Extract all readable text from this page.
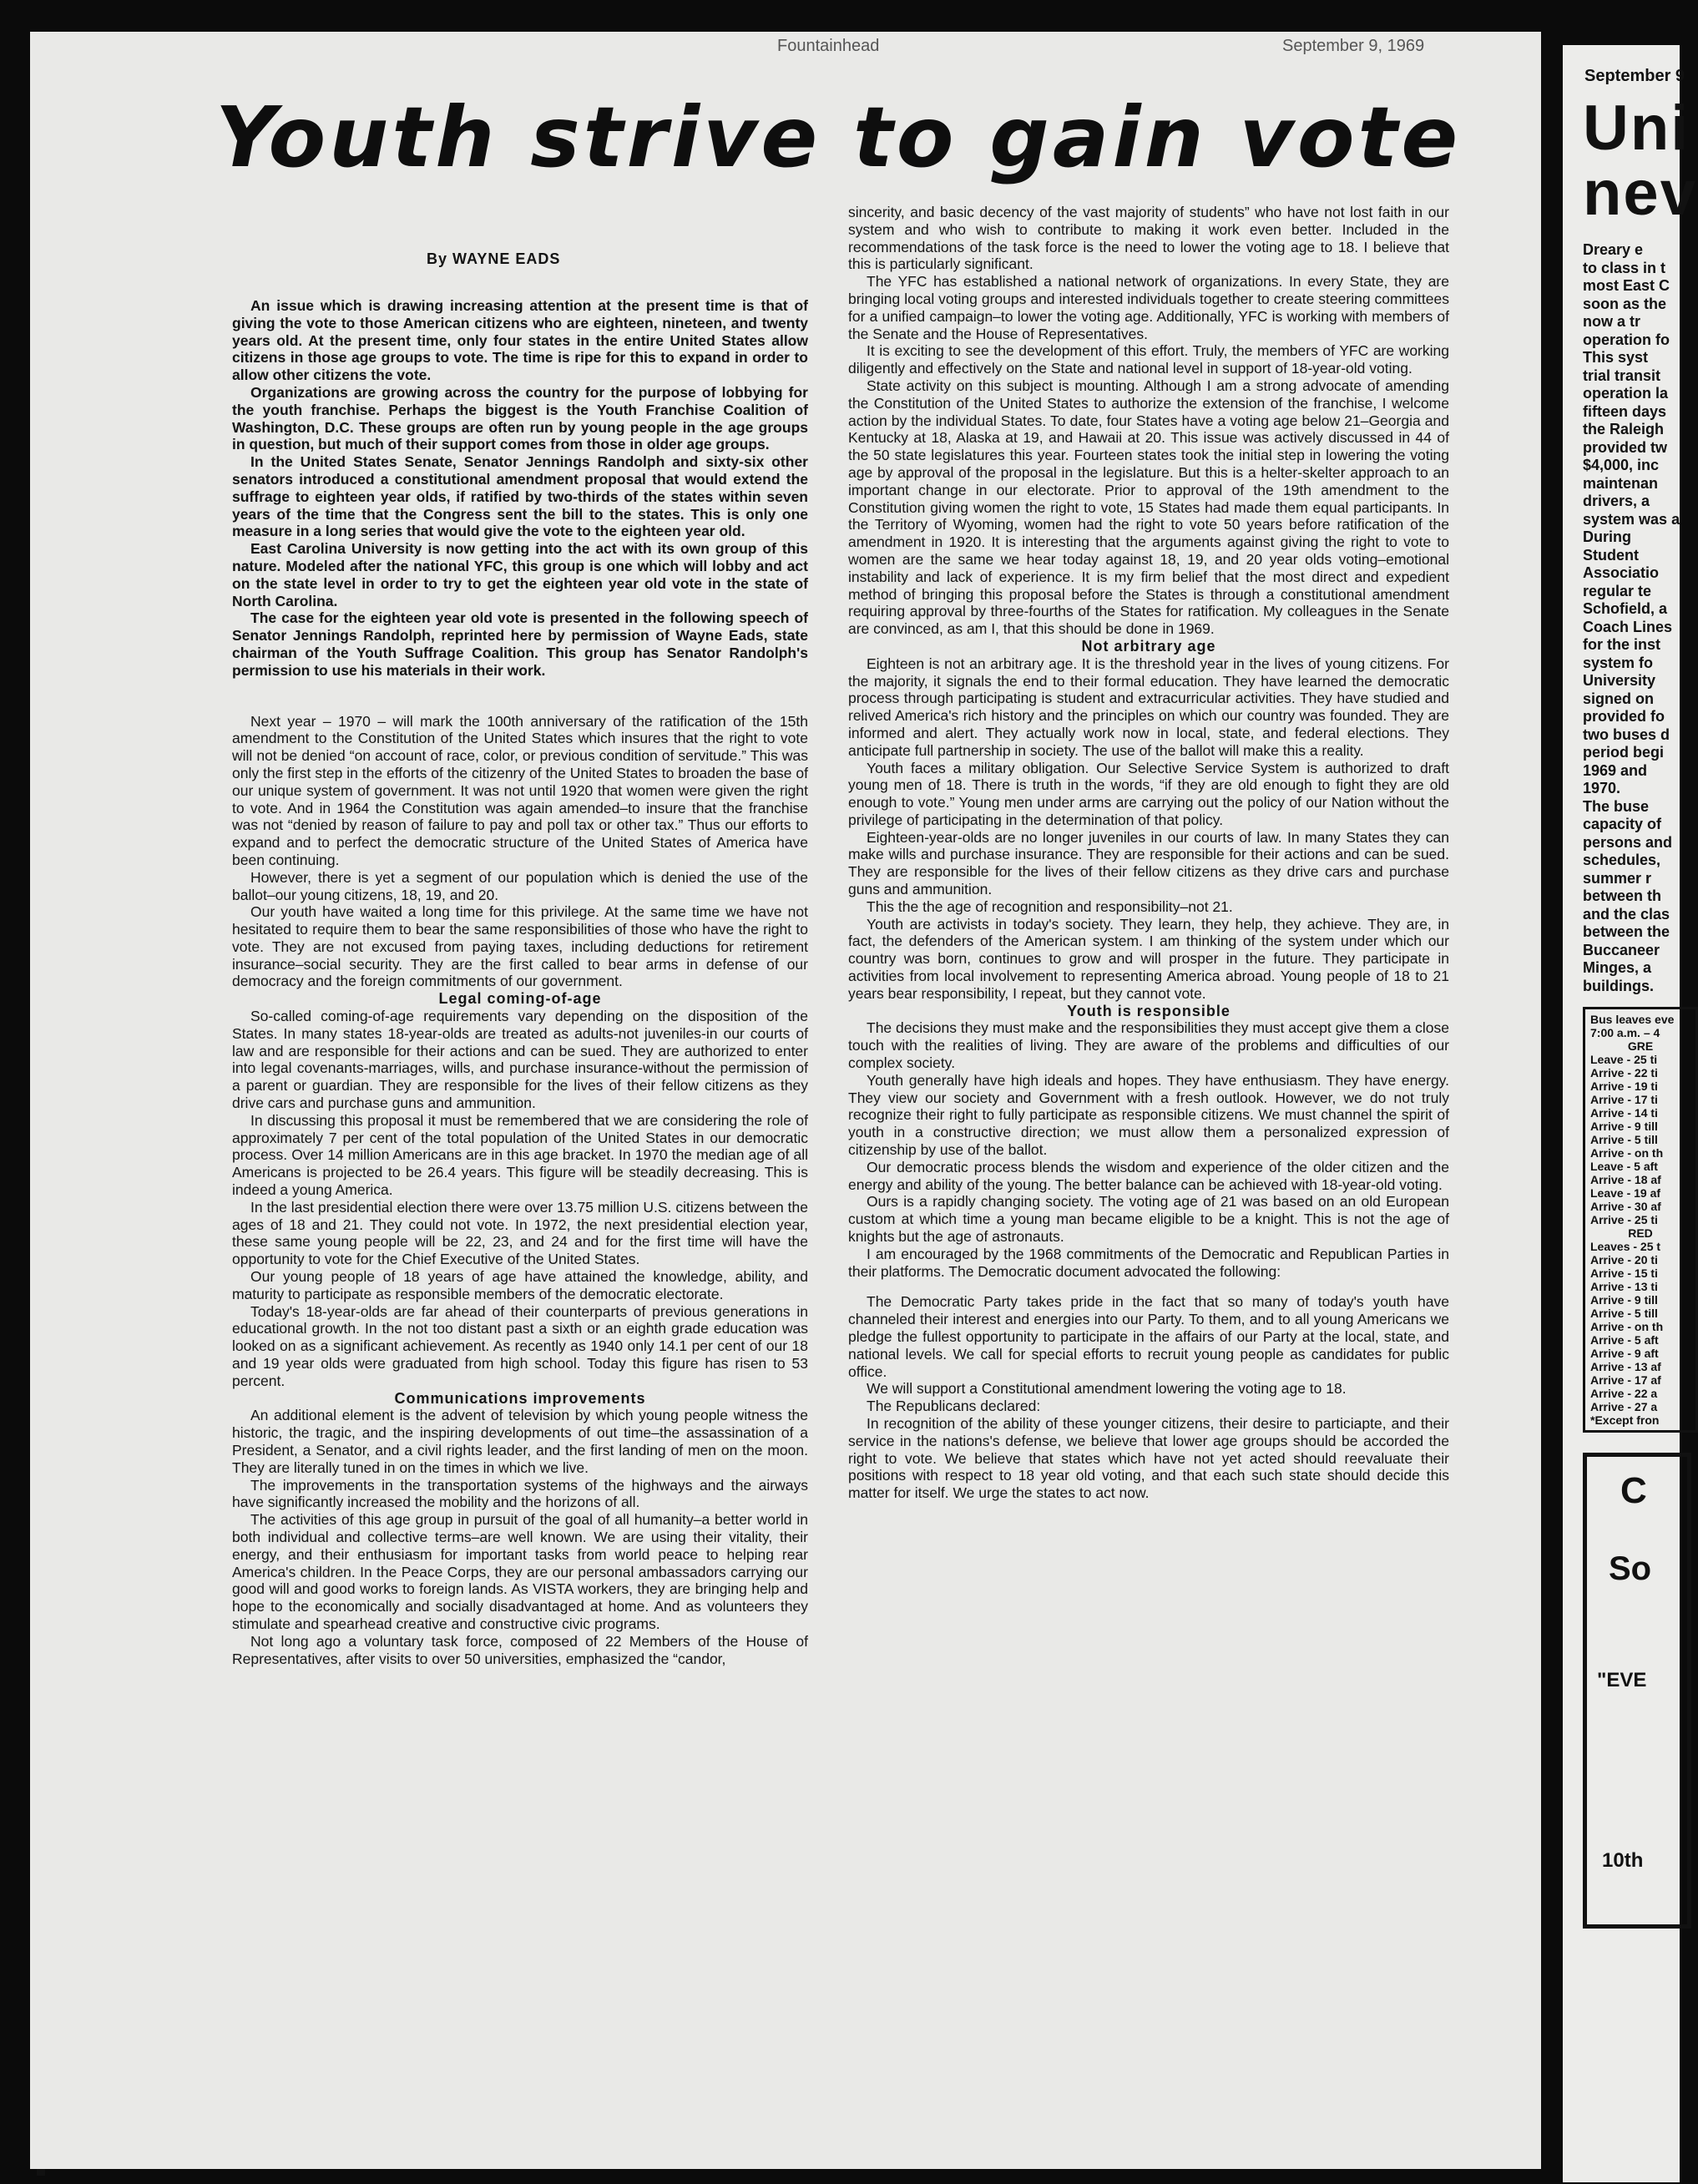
Fountainhead	September 9, 1969
Youth strive to gain vote
By WAYNE EADS

An issue which is drawing increasing attention at the present time is that of giving the vote to those American citizens who are eighteen, nineteen, and twenty years old. At the present time, only four states in the entire United States allow citizens in those age groups to vote. The time is ripe for this to expand in order to allow other citizens the vote.

Organizations are growing across the country for the purpose of lobbying for the youth franchise. Perhaps the biggest is the Youth Franchise Coalition of Washington, D.C. These groups are often run by young people in the age groups in question, but much of their support comes from those in older age groups.

In the United States Senate, Senator Jennings Randolph and sixty-six other senators introduced a constitutional amendment proposal that would extend the suffrage to eighteen year olds, if ratified by two-thirds of the states within seven years of the time that the Congress sent the bill to the states. This is only one measure in a long series that would give the vote to the eighteen year old.

East Carolina University is now getting into the act with its own group of this nature. Modeled after the national YFC, this group is one which will lobby and act on the state level in order to try to get the eighteen year old vote in the state of North Carolina.

The case for the eighteen year old vote is presented in the following speech of Senator Jennings Randolph, reprinted here by permission of Wayne Eads, state chairman of the Youth Suffrage Coalition. This group has Senator Randolph's permission to use his materials in their work.

Next year – 1970 – will mark the 100th anniversary of the ratification of the 15th amendment to the Constitution of the United States which insures that the right to vote will not be denied “on account of race, color, or previous condition of servitude.” This was only the first step in the efforts of the citizenry of the United States to broaden the base of our unique system of government. It was not until 1920 that women were given the right to vote. And in 1964 the Constitution was again amended–to insure that the franchise was not “denied by reason of failure to pay and poll tax or other tax.” Thus our efforts to expand and to perfect the democratic structure of the United States of America have been continuing.

However, there is yet a segment of our population which is denied the use of the ballot–our young citizens, 18, 19, and 20.

Our youth have waited a long time for this privilege. At the same time we have not hesitated to require them to bear the same responsibilities of those who have the right to vote. They are not excused from paying taxes, including deductions for retirement insurance–social security. They are the first called to bear arms in defense of our democracy and the foreign commitments of our government.

Legal coming-of-age

So-called coming-of-age requirements vary depending on the disposition of the States. In many states 18-year-olds are treated as adults-not juveniles-in our courts of law and are responsible for their actions and can be sued. They are authorized to enter into legal covenants-marriages, wills, and purchase insurance-without the permission of a parent or guardian. They are responsible for the lives of their fellow citizens as they drive cars and purchase guns and ammunition.

In discussing this proposal it must be remembered that we are considering the role of approximately 7 per cent of the total population of the United States in our democratic process. Over 14 million Americans are in this age bracket. In 1970 the median age of all Americans is projected to be 26.4 years. This figure will be steadily decreasing. This is indeed a young America.

In the last presidential election there were over 13.75 million U.S. citizens between the ages of 18 and 21. They could not vote. In 1972, the next presidential election year, these same young people will be 22, 23, and 24 and for the first time will have the opportunity to vote for the Chief Executive of the United States.

Our young people of 18 years of age have attained the knowledge, ability, and maturity to participate as responsible members of the democratic electorate.

Today's 18-year-olds are far ahead of their counterparts of previous generations in educational growth. In the not too distant past a sixth or an eighth grade education was looked on as a significant achievement. As recently as 1940 only 14.1 per cent of our 18 and 19 year olds were graduated from high school. Today this figure has risen to 53 percent.

Communications improvements

An additional element is the advent of television by which young people witness the historic, the tragic, and the inspiring developments of out time–the assassination of a President, a Senator, and a civil rights leader, and the first landing of men on the moon. They are literally tuned in on the times in which we live.

The improvements in the transportation systems of the highways and the airways have significantly increased the mobility and the horizons of all.

The activities of this age group in pursuit of the goal of all humanity–a better world in both individual and collective terms–are well known. We are using their vitality, their energy, and their enthusiasm for important tasks from world peace to helping rear America's children. In the Peace Corps, they are our personal ambassadors carrying our good will and good works to foreign lands. As VISTA workers, they are bringing help and hope to the economically and socially disadvantaged at home. And as volunteers they stimulate and spearhead creative and constructive civic programs.

Not long ago a voluntary task force, composed of 22 Members of the House of Representatives, after visits to over 50 universities, emphasized the “candor,

sincerity, and basic decency of the vast majority of students” who have not lost faith in our system and who wish to contribute to making it work even better. Included in the recommendations of the task force is the need to lower the voting age to 18. I believe that this is particularly significant.

The YFC has established a national network of organizations. In every State, they are bringing local voting groups and interested individuals together to create steering committees for a unified campaign–to lower the voting age. Additionally, YFC is working with members of the Senate and the House of Representatives.

It is exciting to see the development of this effort. Truly, the members of YFC are working diligently and effectively on the State and national level in support of 18-year-old voting.

State activity on this subject is mounting. Although I am a strong advocate of amending the Constitution of the United States to authorize the extension of the franchise, I welcome action by the individual States. To date, four States have a voting age below 21–Georgia and Kentucky at 18, Alaska at 19, and Hawaii at 20. This issue was actively discussed in 44 of the 50 state legislatures this year. Fourteen states took the initial step in lowering the voting age by approval of the proposal in the legislature. But this is a helter-skelter approach to an important change in our electorate. Prior to approval of the 19th amendment to the Constitution giving women the right to vote, 15 States had made them equal participants. In the Territory of Wyoming, women had the right to vote 50 years before ratification of the amendment in 1920. It is interesting that the arguments against giving the right to vote to women are the same we hear today against 18, 19, and 20 year olds voting–emotional instability and lack of experience. It is my firm belief that the most direct and expedient method of bringing this proposal before the States is through a constitutional amendment requiring approval by three-fourths of the States for ratification. My colleagues in the Senate are convinced, as am I, that this should be done in 1969.

Not arbitrary age

Eighteen is not an arbitrary age. It is the threshold year in the lives of young citizens. For the majority, it signals the end to their formal education. They have learned the democratic process through participating is student and extracurricular activities. They have studied and relived America's rich history and the principles on which our country was founded. They are informed and alert. They actually work now in local, state, and federal elections. They anticipate full partnership in society. The use of the ballot will make this a reality.

Youth faces a military obligation. Our Selective Service System is authorized to draft young men of 18. There is truth in the words, “if they are old enough to fight they are old enough to vote.” Young men under arms are carrying out the policy of our Nation without the privilege of participating in the determination of that policy.

Eighteen-year-olds are no longer juveniles in our courts of law. In many States they can make wills and purchase insurance. They are responsible for their actions and can be sued. They are responsible for the lives of their fellow citizens as they drive cars and purchase guns and ammunition.

This the the age of recognition and responsibility–not 21.

Youth are activists in today's society. They learn, they help, they achieve. They are, in fact, the defenders of the American system. I am thinking of the system under which our country was born, continues to grow and will prosper in the future. They participate in activities from local involvement to representing America abroad. Young people of 18 to 21 years bear responsibility, I repeat, but they cannot vote.

Youth is responsible

The decisions they must make and the responsibilities they must accept give them a close touch with the realities of living. They are aware of the problems and difficulties of our complex society.

Youth generally have high ideals and hopes. They have enthusiasm. They have energy. They view our society and Government with a fresh outlook. However, we do not truly recognize their right to fully participate as responsible citizens. We must channel the spirit of youth in a constructive direction; we must allow them a personalized expression of citizenship by use of the ballot.

Our democratic process blends the wisdom and experience of the older citizen and the energy and ability of the young. The better balance can be achieved with 18-year-old voting.

Ours is a rapidly changing society. The voting age of 21 was based on an old European custom at which time a young man became eligible to be a knight. This is not the age of knights but the age of astronauts.

I am encouraged by the 1968 commitments of the Democratic and Republican Parties in their platforms. The Democratic document advocated the following:

The Democratic Party takes pride in the fact that so many of today's youth have channeled their interest and energies into our Party. To them, and to all young Americans we pledge the fullest opportunity to participate in the affairs of our Party at the local, state, and national levels. We call for special efforts to recruit young people as candidates for public office.

We will support a Constitutional amendment lowering the voting age to 18.

The Republicans declared:

In recognition of the ability of these younger citizens, their desire to particiapte, and their service in the nations's defense, we believe that lower age groups should be accorded the right to vote. We believe that states which have not yet acted should reevaluate their positions with respect to 18 year old voting, and that each such state should decide this matter for itself. We urge the states to act now.

September 9
Uni
nev
Dreary e
to class in t
most East C
soon as the
now a tr
operation fo
This syst
trial transit
operation la
fifteen days
the Raleigh
provided tw
$4,000, inc
maintenan
drivers, a
system was a
During
Student
Associatio
regular te
Schofield, a
Coach Lines
for the inst
system fo
University
signed on
provided fo
two buses d
period begi
1969 and
1970.
The buse
capacity of
persons and
schedules,
summer r
between th
and the clas
between the
Buccaneer
Minges, a
buildings.
Bus leaves eve
7:00 a.m. – 4
GRE
Leave - 25 ti
Arrive - 22 ti
Arrive - 19 ti
Arrive - 17 ti
Arrive - 14 ti
Arrive - 9 till
Arrive - 5 till
Arrive - on th
Leave - 5 aft
Arrive - 18 af
Leave - 19 af
Arrive - 30 af
Arrive - 25 ti
RED
Leaves - 25 t
Arrive - 20 ti
Arrive - 15 ti
Arrive - 13 ti
Arrive - 9 till
Arrive - 5 till
Arrive - on th
Arrive - 5 aft
Arrive - 9 aft
Arrive - 13 af
Arrive - 17 af
Arrive - 22 a
Arrive - 27 a
*Except fron
C
So
"EVE
10th
